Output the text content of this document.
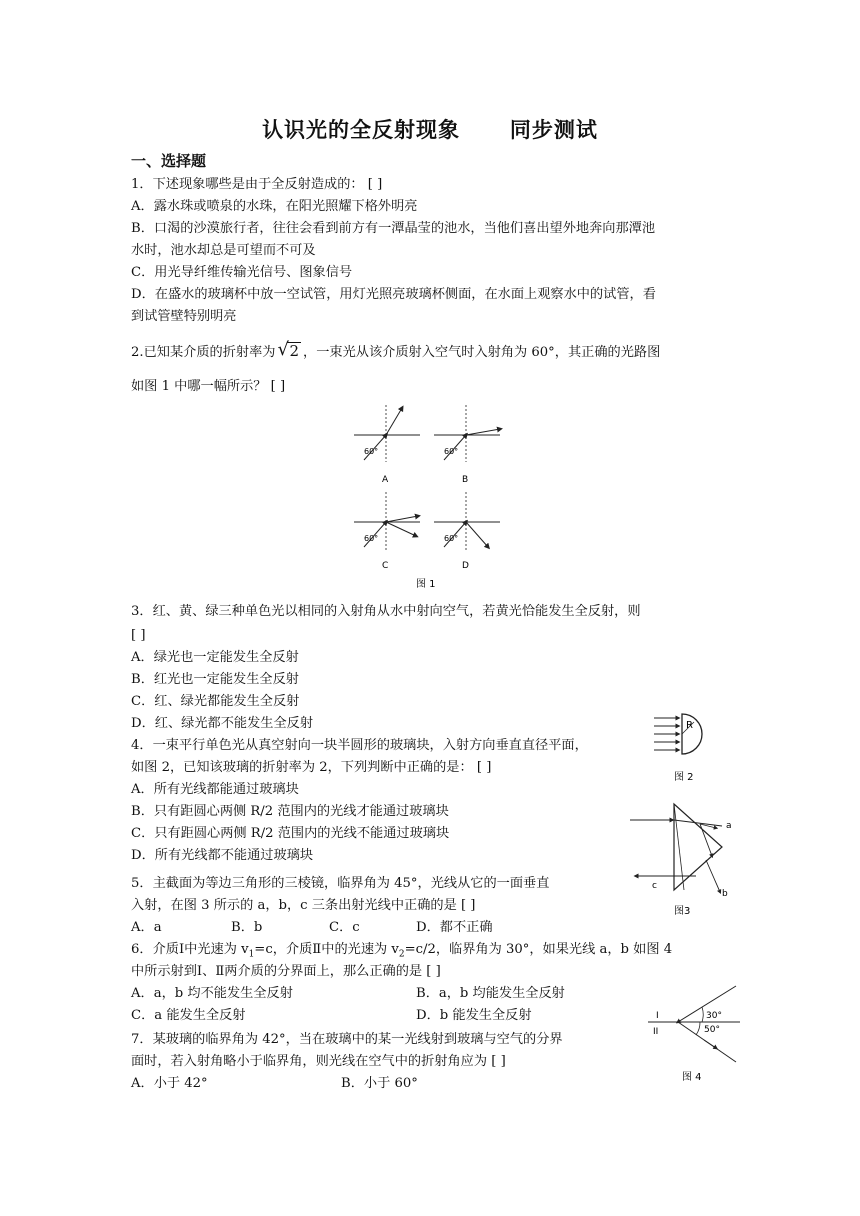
认识光的全反射现象      同步测试
一、选择题
1．下述现象哪些是由于全反射造成的： [ ]
A．露水珠或喷泉的水珠，在阳光照耀下格外明亮
B．口渴的沙漠旅行者，往往会看到前方有一潭晶莹的池水，当他们喜出望外地奔向那潭池
水时，池水却总是可望而不可及
C．用光导纤维传输光信号、图象信号
D．在盛水的玻璃杯中放一空试管，用灯光照亮玻璃杯侧面，在水面上观察水中的试管，看
到试管壁特别明亮
2.已知某介质的折射率为 √ 2 ，一束光从该介质射入空气时入射角为 60°，其正确的光路图
如图 1 中哪一幅所示？ [ ]
60°
A
60°
B
60°
C
60°
D
图 1
3．红、黄、绿三种单色光以相同的入射角从水中射向空气，若黄光恰能发生全反射，则
[ ]
A．绿光也一定能发生全反射
B．红光也一定能发生全反射
C．红、绿光都能发生全反射
D．红、绿光都不能发生全反射
4．一束平行单色光从真空射向一块半圆形的玻璃块，入射方向垂直直径平面，
如图 2，已知该玻璃的折射率为 2，下列判断中正确的是： [ ]
A．所有光线都能通过玻璃块
B．只有距圆心两侧 R/2 范围内的光线才能通过玻璃块
C．只有距圆心两侧 R/2 范围内的光线不能通过玻璃块
D．所有光线都不能通过玻璃块
R
图 2
a
b
c
图3
5．主截面为等边三角形的三棱镜，临界角为 45°，光线从它的一面垂直
入射，在图 3 所示的 a，b，c 三条出射光线中正确的是 [ ]
A．a	B．b	C．c	D．都不正确
6．介质Ⅰ中光速为 $v_1=c$，介质Ⅱ中的光速为 $v_2=c/2$，临界角为 30°，如果光线 a，b 如图 4
中所示射到Ⅰ、Ⅱ两介质的分界面上，那么正确的是 [ ]
A．a，b 均不能发生全反射	B．a，b 均能发生全反射
C．a 能发生全反射	D．b 能发生全反射	I
II
30°
50°
图 4
7．某玻璃的临界角为 42°，当在玻璃中的某一光线射到玻璃与空气的分界
面时，若入射角略小于临界角，则光线在空气中的折射角应为 [ ]
A．小于 42°	B．小于 60°
